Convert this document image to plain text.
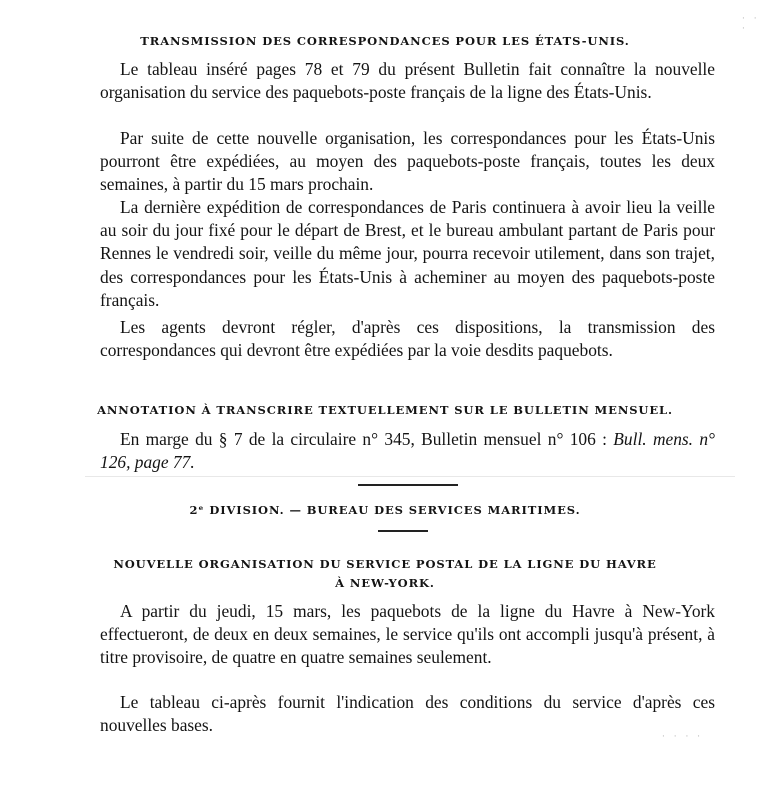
· · ·
TRANSMISSION DES CORRESPONDANCES POUR LES ÉTATS-UNIS.
Le tableau inséré pages 78 et 79 du présent Bulletin fait connaître la nouvelle organisation du service des paquebots-poste français de la ligne des États-Unis.
Par suite de cette nouvelle organisation, les correspondances pour les États-Unis pourront être expédiées, au moyen des paquebots-poste français, toutes les deux semaines, à partir du 15 mars prochain.
La dernière expédition de correspondances de Paris continuera à avoir lieu la veille au soir du jour fixé pour le départ de Brest, et le bureau ambulant partant de Paris pour Rennes le vendredi soir, veille du même jour, pourra recevoir utilement, dans son trajet, des correspondances pour les États-Unis à acheminer au moyen des paquebots-poste français.
Les agents devront régler, d'après ces dispositions, la transmission des correspondances qui devront être expédiées par la voie desdits paquebots.
ANNOTATION À TRANSCRIRE TEXTUELLEMENT SUR LE BULLETIN MENSUEL.
En marge du § 7 de la circulaire n° 345, Bulletin mensuel n° 106 : Bull. mens. n° 126, page 77.
2ᵉ DIVISION. — BUREAU DES SERVICES MARITIMES.
NOUVELLE ORGANISATION DU SERVICE POSTAL DE LA LIGNE DU HAVRE
À NEW-YORK.
A partir du jeudi, 15 mars, les paquebots de la ligne du Havre à New-York effectueront, de deux en deux semaines, le service qu'ils ont accompli jusqu'à présent, à titre provisoire, de quatre en quatre semaines seulement.
Le tableau ci-après fournit l'indication des conditions du service d'après ces nouvelles bases.
· · · ·
